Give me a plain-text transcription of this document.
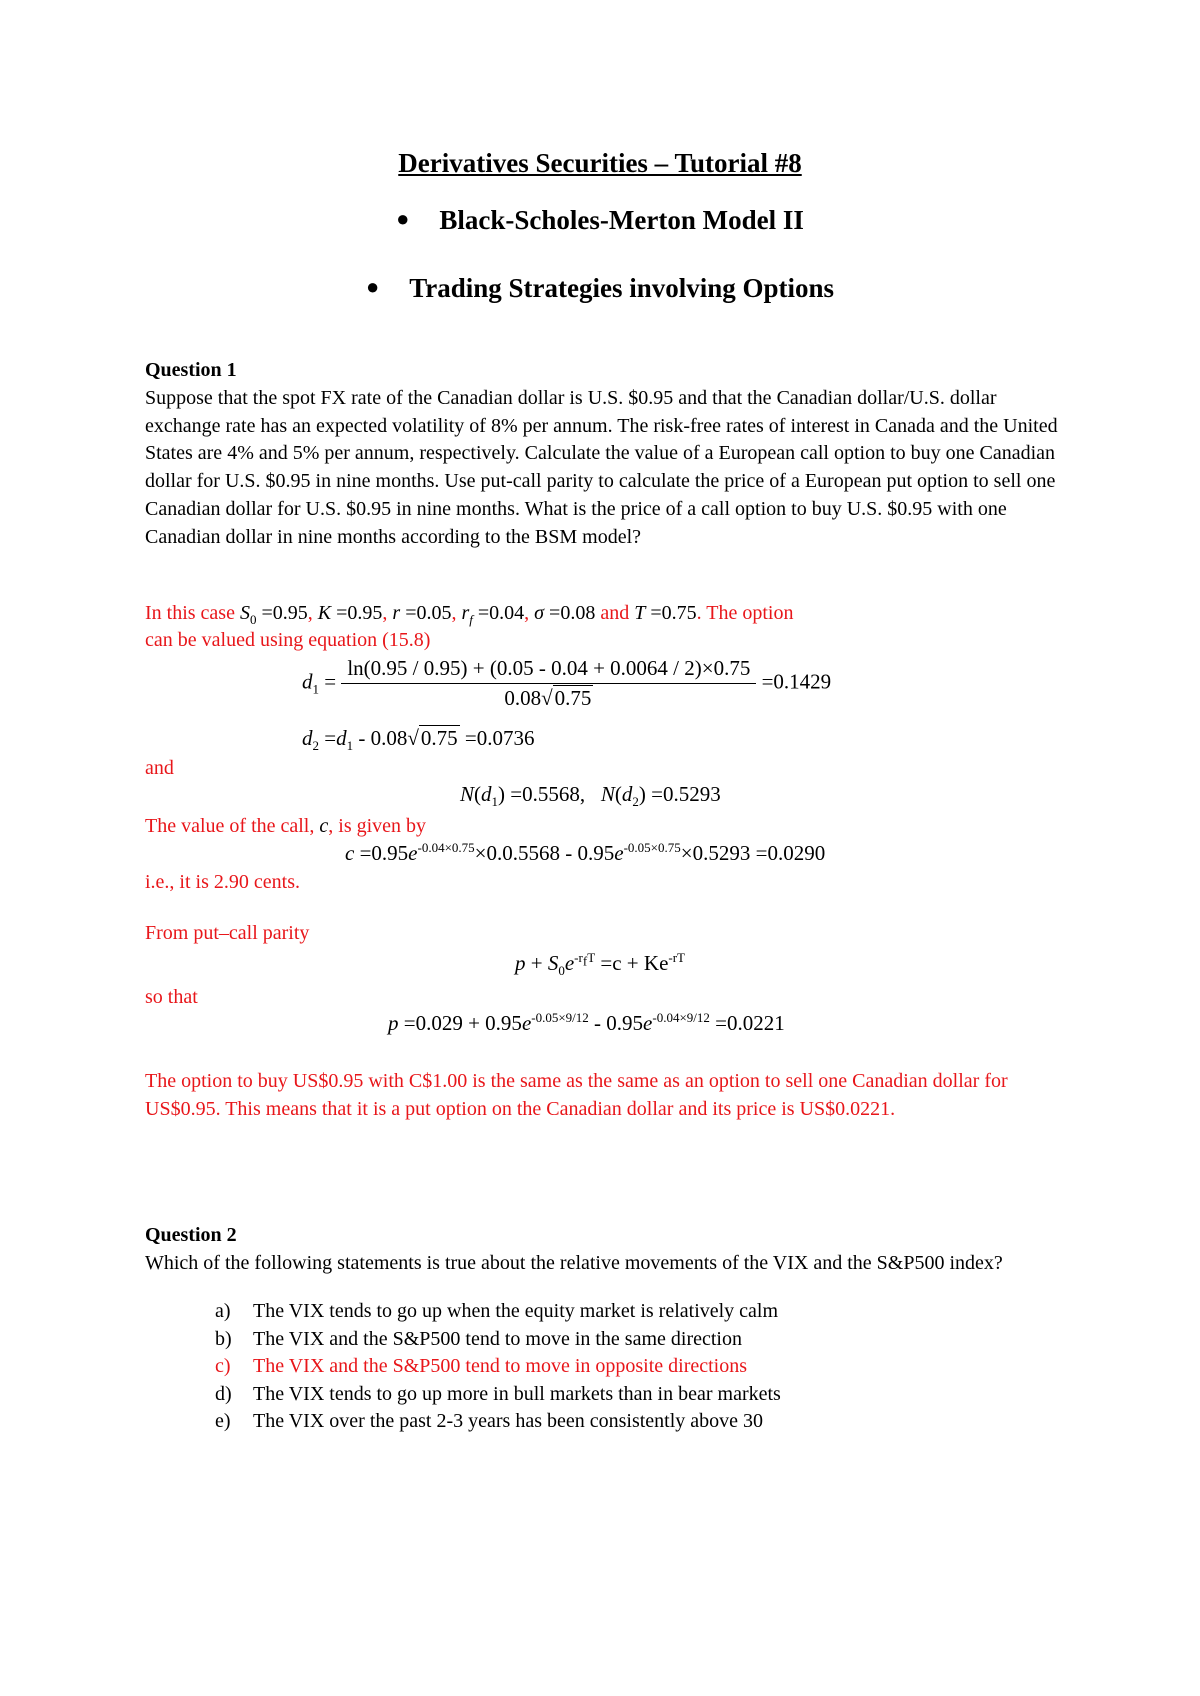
Derivatives Securities – Tutorial #8
● Black-Scholes-Merton Model II
● Trading Strategies involving Options
Question 1
Suppose that the spot FX rate of the Canadian dollar is U.S. $0.95 and that the Canadian dollar/U.S. dollar exchange rate has an expected volatility of 8% per annum. The risk-free rates of interest in Canada and the United States are 4% and 5% per annum, respectively. Calculate the value of a European call option to buy one Canadian dollar for U.S. $0.95 in nine months. Use put-call parity to calculate the price of a European put option to sell one Canadian dollar for U.S. $0.95 in nine months. What is the price of a call option to buy U.S. $0.95 with one Canadian dollar in nine months according to the BSM model?
In this case $S_0 =0.95$, K =0.95, r =0.05, $r_f =0.04$, σ =0.08 and T =0.75. The option
can be valued using equation (15.8)
$d_1 = \frac{\ln(0.95 / 0.95) + (0.05 - 0.04 + 0.0064 / 2)\times 0.75}{0.08√0.75} =0.1429$
$d_2 =d_1 - 0.08√0.75 =0.0736$
and
$N(d_1) =0.5568$, $N(d_2) =0.5293$
The value of the call, c, is given by
$c =0.95e^{-0.04\times 0.75}\times 0.0.5568 - 0.95e^{-0.05\times 0.75}\times 0.5293 =0.0290$
i.e., it is 2.90 cents.
From put–call parity
$p + S_0e^{-r_fT} =c + Ke^{-rT}$
so that
$p =0.029 + 0.95e^{-0.05\times 9/12} - 0.95e^{-0.04\times 9/12} =0.0221$
The option to buy US$0.95 with C$1.00 is the same as the same as an option to sell one Canadian dollar for US$0.95. This means that it is a put option on the Canadian dollar and its price is US$0.0221.
Question 2
Which of the following statements is true about the relative movements of the VIX and the S&P500 index?
a)	The VIX tends to go up when the equity market is relatively calm
b)	The VIX and the S&P500 tend to move in the same direction
c)	The VIX and the S&P500 tend to move in opposite directions
d)	The VIX tends to go up more in bull markets than in bear markets
e)	The VIX over the past 2-3 years has been consistently above 30
